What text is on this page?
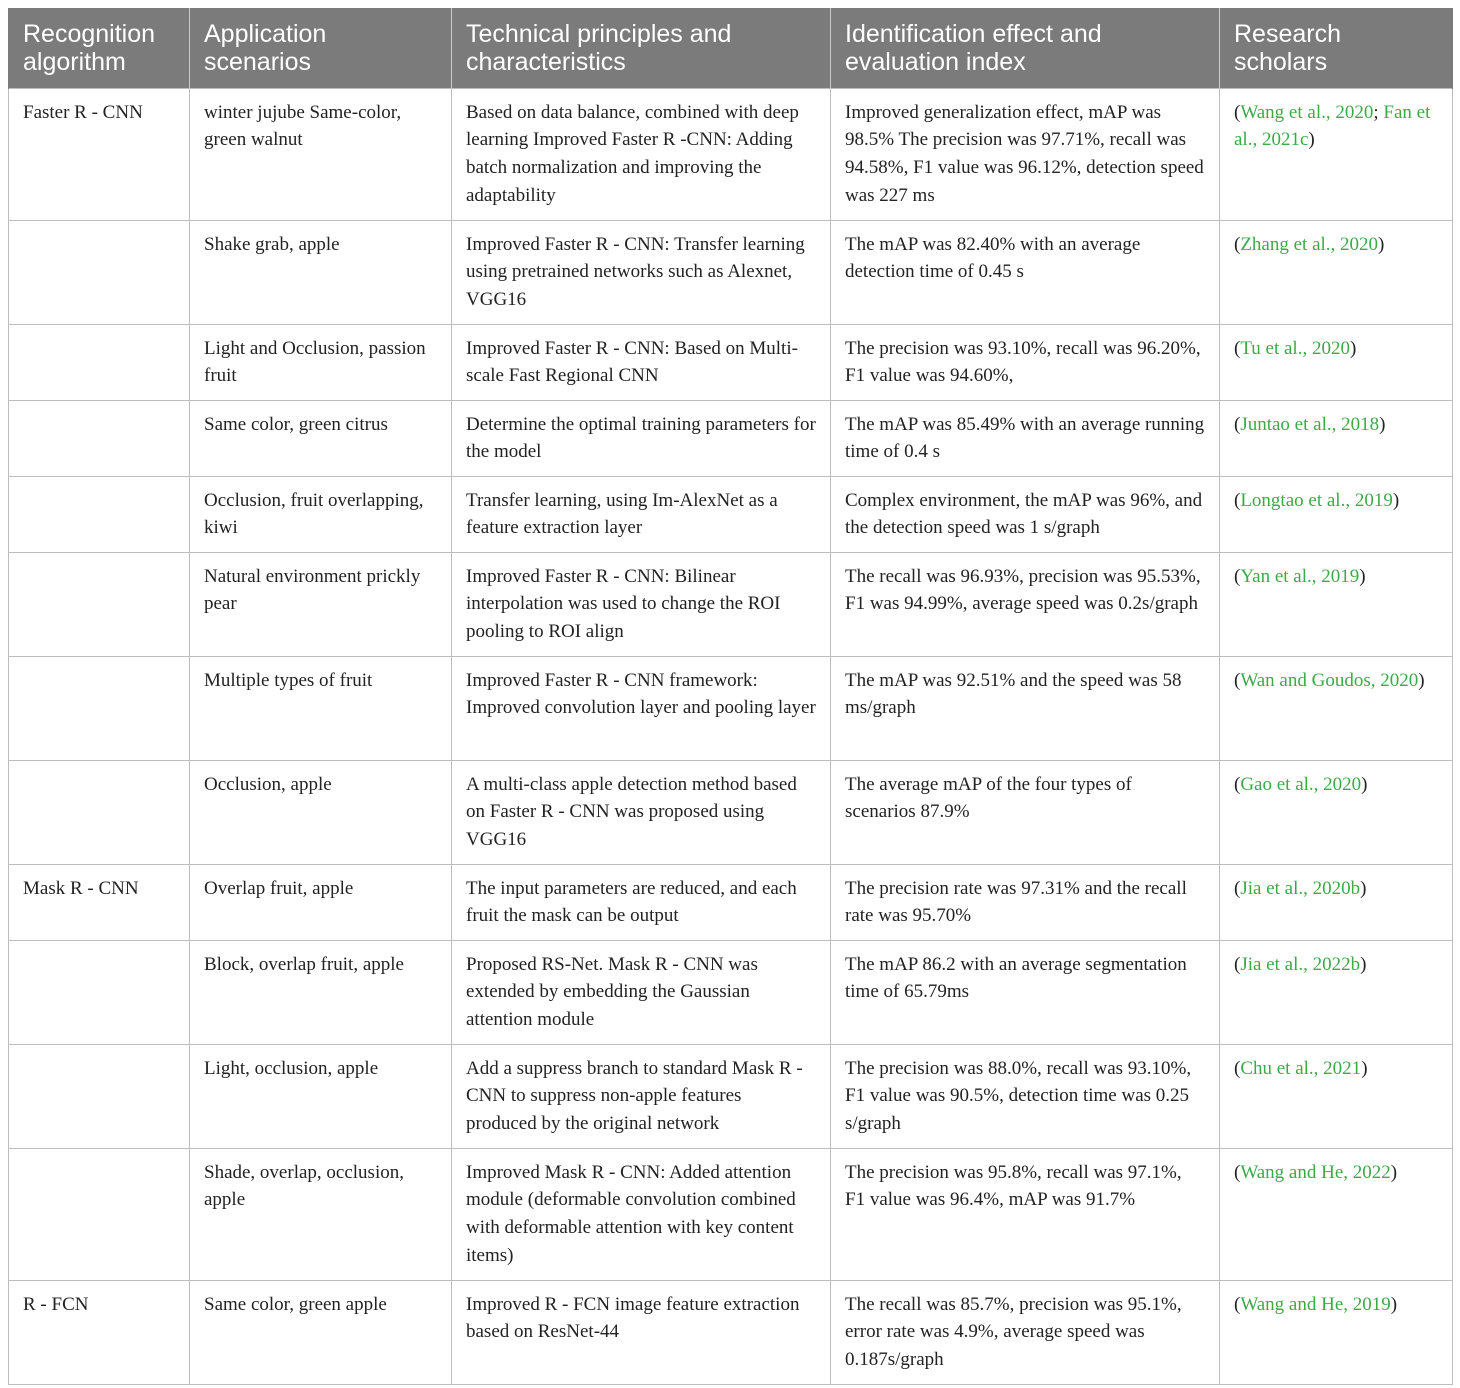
Recognition algorithm	Application scenarios	Technical principles and characteristics	Identification effect and evaluation index	Research scholars
Faster R - CNN	winter jujube Same-color, green walnut	Based on data balance, combined with deep learning Improved Faster R -CNN: Adding batch normalization and improving the adaptability	Improved generalization effect, mAP was 98.5% The precision was 97.71%, recall was 94.58%, F1 value was 96.12%, detection speed was 227 ms	(Wang et al., 2020; Fan et al., 2021c)
	Shake grab, apple	Improved Faster R - CNN: Transfer learning using pretrained networks such as Alexnet, VGG16	The mAP was 82.40% with an average detection time of 0.45 s	(Zhang et al., 2020)
	Light and Occlusion, passion fruit	Improved Faster R - CNN: Based on Multi-scale Fast Regional CNN	The precision was 93.10%, recall was 96.20%, F1 value was 94.60%,	(Tu et al., 2020)
	Same color, green citrus	Determine the optimal training parameters for the model	The mAP was 85.49% with an average running time of 0.4 s	(Juntao et al., 2018)
	Occlusion, fruit overlapping, kiwi	Transfer learning, using Im-AlexNet as a feature extraction layer	Complex environment, the mAP was 96%, and the detection speed was 1 s/graph	(Longtao et al., 2019)
	Natural environment prickly pear	Improved Faster R - CNN: Bilinear interpolation was used to change the ROI pooling to ROI align	The recall was 96.93%, precision was 95.53%, F1 was 94.99%, average speed was 0.2s/graph	(Yan et al., 2019)
	Multiple types of fruit	Improved Faster R - CNN framework: Improved convolution layer and pooling layer	The mAP was 92.51% and the speed was 58 ms/graph	(Wan and Goudos, 2020)
	Occlusion, apple	A multi-class apple detection method based on Faster R - CNN was proposed using VGG16	The average mAP of the four types of scenarios 87.9%	(Gao et al., 2020)
Mask R - CNN	Overlap fruit, apple	The input parameters are reduced, and each fruit the mask can be output	The precision rate was 97.31% and the recall rate was 95.70%	(Jia et al., 2020b)
	Block, overlap fruit, apple	Proposed RS-Net. Mask R - CNN was extended by embedding the Gaussian attention module	The mAP 86.2 with an average segmentation time of 65.79ms	(Jia et al., 2022b)
	Light, occlusion, apple	Add a suppress branch to standard Mask R - CNN to suppress non-apple features produced by the original network	The precision was 88.0%, recall was 93.10%, F1 value was 90.5%, detection time was 0.25 s/graph	(Chu et al., 2021)
	Shade, overlap, occlusion, apple	Improved Mask R - CNN: Added attention module (deformable convolution combined with deformable attention with key content items)	The precision was 95.8%, recall was 97.1%, F1 value was 96.4%, mAP was 91.7%	(Wang and He, 2022)
R - FCN	Same color, green apple	Improved R - FCN image feature extraction based on ResNet-44	The recall was 85.7%, precision was 95.1%, error rate was 4.9%, average speed was 0.187s/graph	(Wang and He, 2019)
